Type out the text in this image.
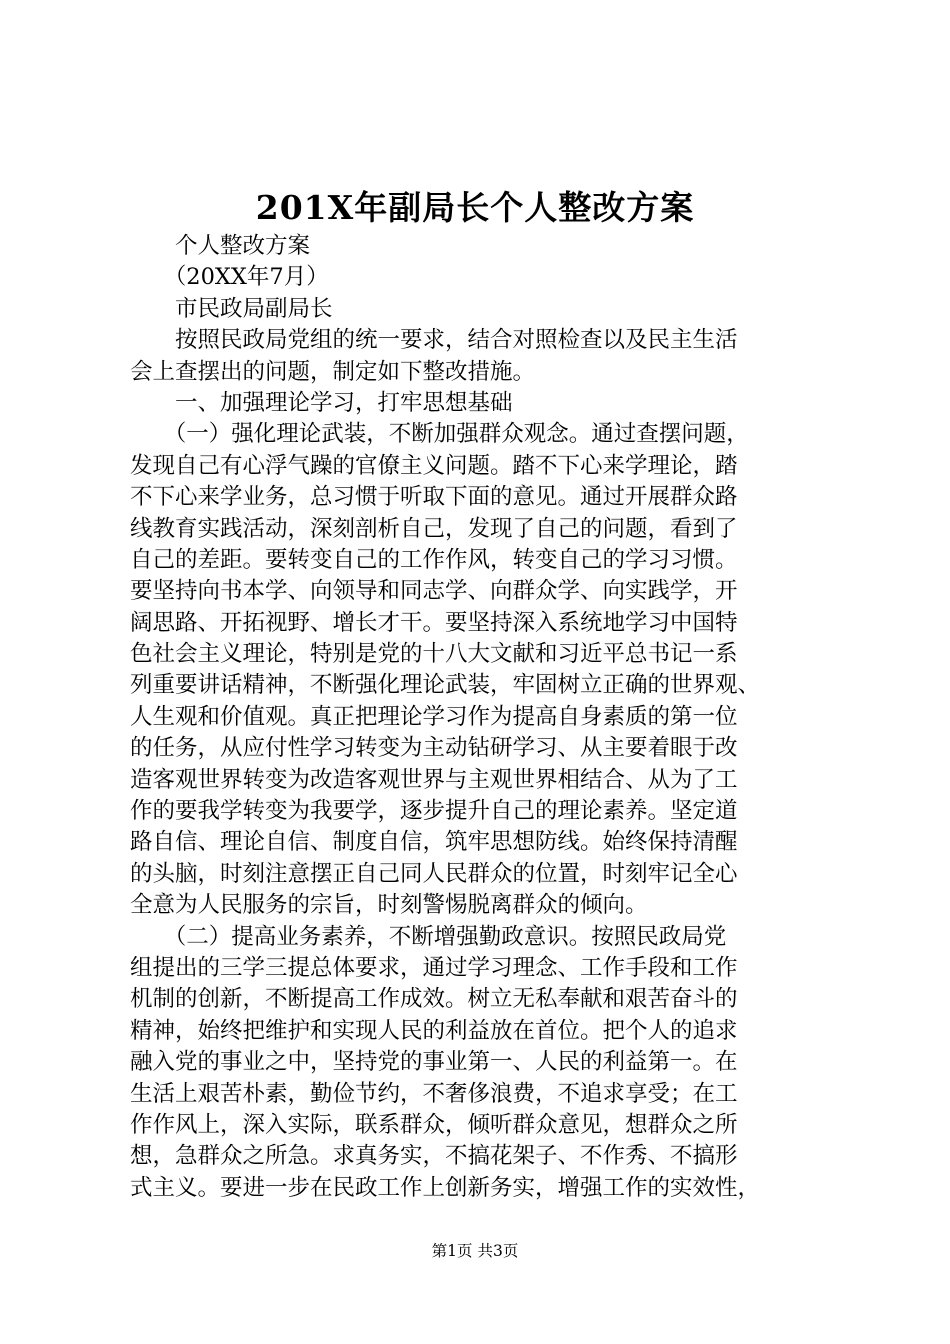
201X年副局长个人整改方案
　　个人整改方案
　　（20XX年7月）
　　市民政局副局长
　　按照民政局党组的统一要求，结合对照检查以及民主生活
会上查摆出的问题，制定如下整改措施。
　　一、加强理论学习，打牢思想基础
　　（一）强化理论武装，不断加强群众观念。通过查摆问题，
发现自己有心浮气躁的官僚主义问题。踏不下心来学理论，踏
不下心来学业务，总习惯于听取下面的意见。通过开展群众路
线教育实践活动，深刻剖析自己，发现了自己的问题，看到了
自己的差距。要转变自己的工作作风，转变自己的学习习惯。
要坚持向书本学、向领导和同志学、向群众学、向实践学，开
阔思路、开拓视野、增长才干。要坚持深入系统地学习中国特
色社会主义理论，特别是党的十八大文献和习近平总书记一系
列重要讲话精神，不断强化理论武装，牢固树立正确的世界观、
人生观和价值观。真正把理论学习作为提高自身素质的第一位
的任务，从应付性学习转变为主动钻研学习、从主要着眼于改
造客观世界转变为改造客观世界与主观世界相结合、从为了工
作的要我学转变为我要学，逐步提升自己的理论素养。坚定道
路自信、理论自信、制度自信，筑牢思想防线。始终保持清醒
的头脑，时刻注意摆正自己同人民群众的位置，时刻牢记全心
全意为人民服务的宗旨，时刻警惕脱离群众的倾向。
　　（二）提高业务素养，不断增强勤政意识。按照民政局党
组提出的三学三提总体要求，通过学习理念、工作手段和工作
机制的创新，不断提高工作成效。树立无私奉献和艰苦奋斗的
精神，始终把维护和实现人民的利益放在首位。把个人的追求
融入党的事业之中，坚持党的事业第一、人民的利益第一。在
生活上艰苦朴素，勤俭节约，不奢侈浪费，不追求享受；在工
作作风上，深入实际，联系群众，倾听群众意见，想群众之所
想，急群众之所急。求真务实，不搞花架子、不作秀、不搞形
式主义。要进一步在民政工作上创新务实，增强工作的实效性，
第1页 共3页
